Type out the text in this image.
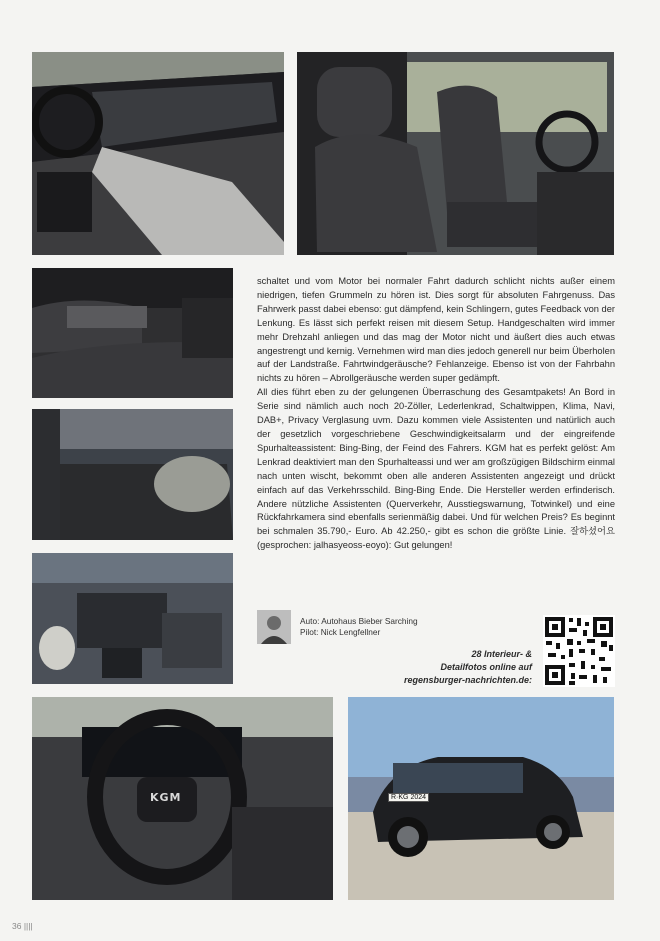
KGM	R·KG 2024

schaltet und vom Motor bei normaler Fahrt dadurch schlicht nichts außer einem niedrigen, tiefen Grummeln zu hören ist. Dies sorgt für absoluten Fahrgenuss. Das Fahrwerk passt dabei ebenso: gut dämpfend, kein Schlingern, gutes Feedback von der Lenkung. Es lässt sich perfekt reisen mit diesem Setup. Handgeschalten wird immer mehr Drehzahl anliegen und das mag der Motor nicht und äußert dies auch etwas angestrengt und kernig. Vernehmen wird man dies jedoch generell nur beim Überholen auf der Landstraße. Fahrtwindgeräusche? Fehlanzeige. Ebenso ist von der Fahrbahn nichts zu hören – Abrollgeräusche werden super gedämpft.

All dies führt eben zu der gelungenen Überraschung des Gesamtpakets! An Bord in Serie sind nämlich auch noch 20-Zöller, Lederlenkrad, Schaltwippen, Klima, Navi, DAB+, Privacy Verglasung uvm. Dazu kommen viele Assistenten und natürlich auch der gesetzlich vorgeschriebene Geschwindigkeitsalarm und der eingreifende Spurhalteassistent: Bing-Bing, der Feind des Fahrers. KGM hat es perfekt gelöst: Am Lenkrad deaktiviert man den Spurhalteassi und wer am großzügigen Bildschirm einmal nach unten wischt, bekommt oben alle anderen Assistenten angezeigt und drückt einfach auf das Verkehrsschild. Bing-Bing Ende. Die Hersteller werden erfinderisch. Andere nützliche Assistenten (Querverkehr, Ausstiegswarnung, Totwinkel) und eine Rückfahrkamera sind ebenfalls serienmäßig dabei. Und für welchen Preis? Es beginnt bei schmalen 35.790,- Euro. Ab 42.250,- gibt es schon die größte Linie. 잘하셨어요 (gesprochen: jalhasyeoss-eoyo): Gut gelungen!

Auto: Autohaus Bieber Sarching
Pilot: Nick Lengfellner
28 Interieur- &
Detailfotos online auf
regensburger-nachrichten.de:
36 ||||
